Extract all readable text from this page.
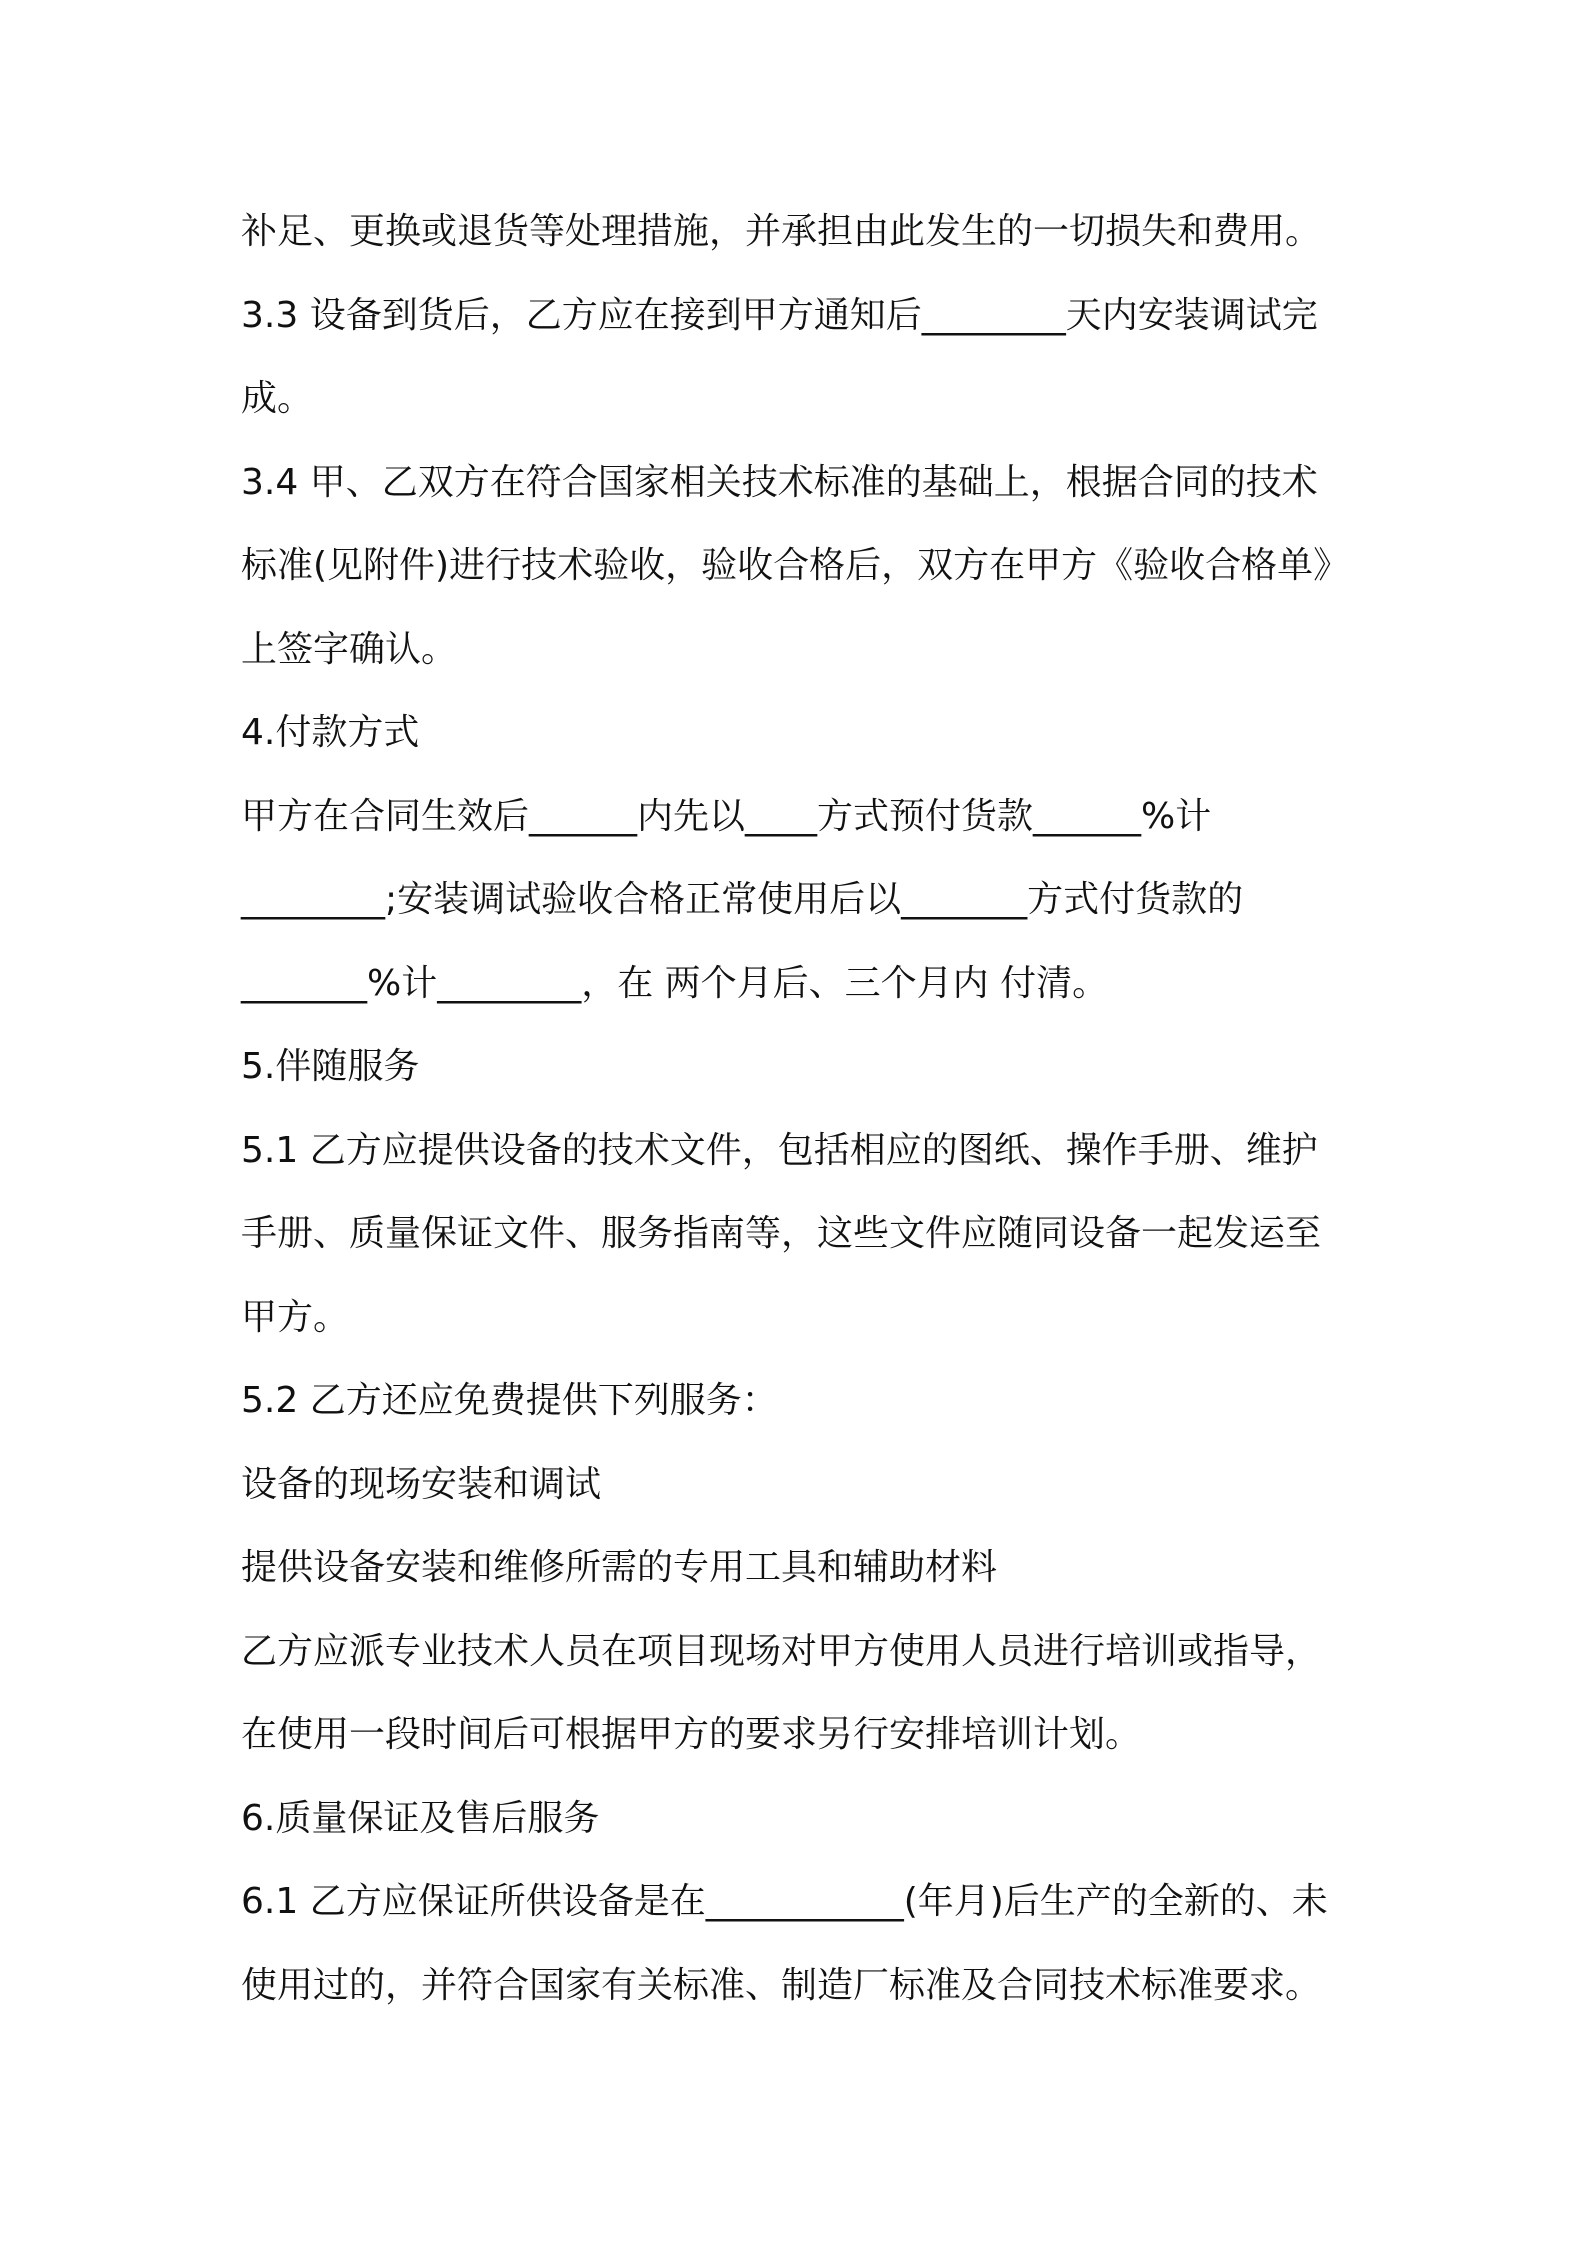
补足、更换或退货等处理措施，并承担由此发生的一切损失和费用。
3.3 设备到货后，乙方应在接到甲方通知后________天内安装调试完
成。
3.4 甲、乙双方在符合国家相关技术标准的基础上，根据合同的技术
标准(见附件)进行技术验收，验收合格后，双方在甲方《验收合格单》
上签字确认。
4.付款方式
甲方在合同生效后______内先以____方式预付货款______%计
________;安装调试验收合格正常使用后以_______方式付货款的
_______%计________，在 两个月后、三个月内 付清。
5.伴随服务
5.1 乙方应提供设备的技术文件，包括相应的图纸、操作手册、维护
手册、质量保证文件、服务指南等，这些文件应随同设备一起发运至
甲方。
5.2 乙方还应免费提供下列服务：
设备的现场安装和调试
提供设备安装和维修所需的专用工具和辅助材料
乙方应派专业技术人员在项目现场对甲方使用人员进行培训或指导，
在使用一段时间后可根据甲方的要求另行安排培训计划。
6.质量保证及售后服务
6.1 乙方应保证所供设备是在___________(年月)后生产的全新的、未
使用过的，并符合国家有关标准、制造厂标准及合同技术标准要求。
